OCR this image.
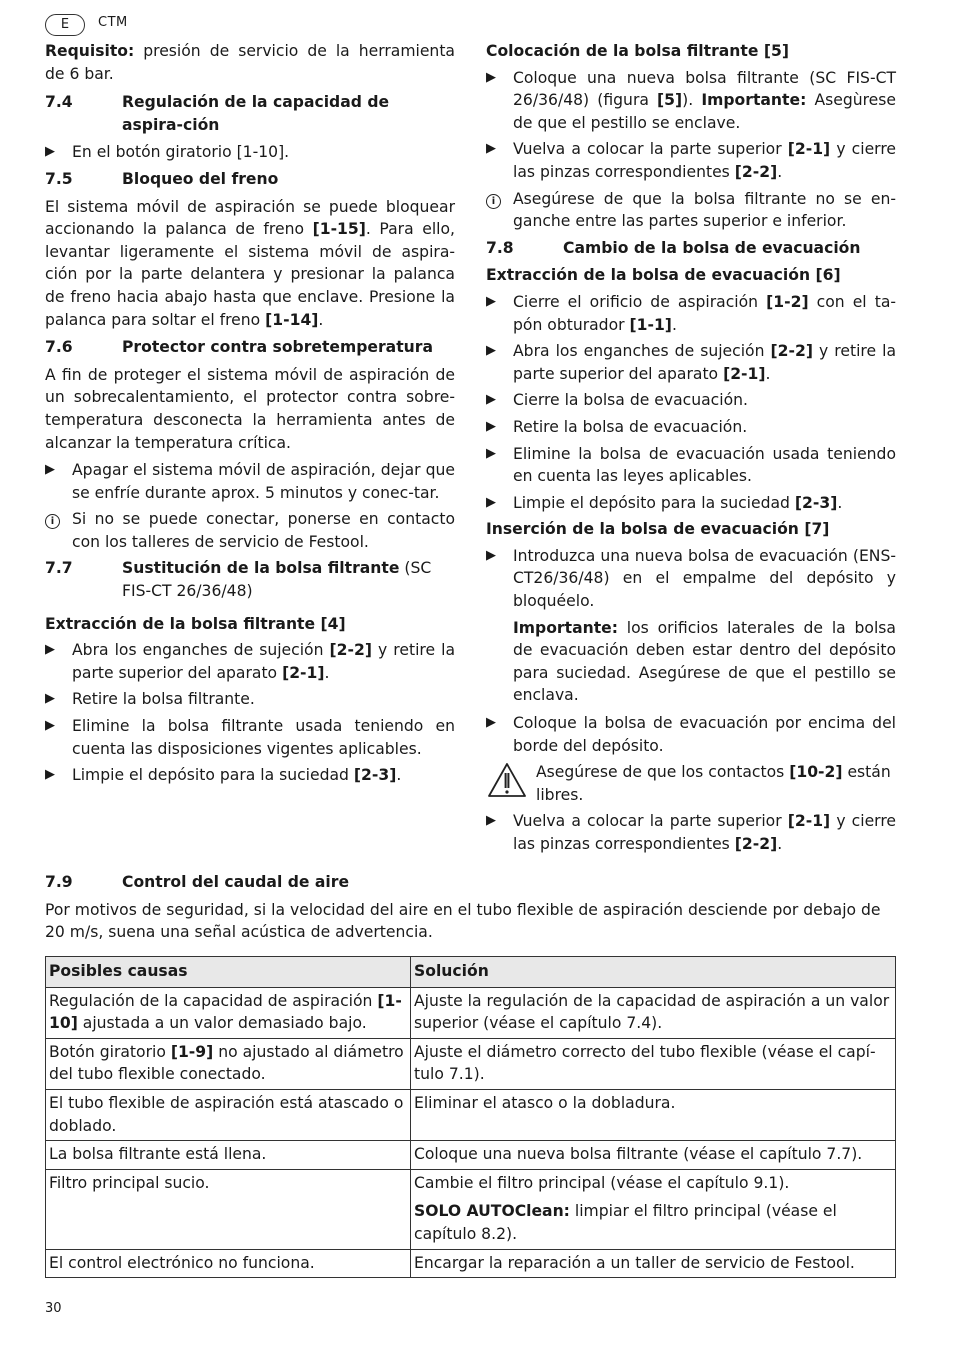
E	CTM

Requisito: presión de servicio de la herramienta de 6 bar.

7.4	Regulación de la capacidad de aspira-ción
▶	En el botón giratorio [1-10].
7.5	Bloqueo del freno

El sistema móvil de aspiración se puede bloquear accionando la palanca de freno [1-15]. Para ello, levantar ligeramente el sistema móvil de aspira-ción por la parte delantera y presionar la palanca de freno hacia abajo hasta que enclave. Presione la palanca para soltar el freno [1-14].

7.6	Protector contra sobretemperatura

A fin de proteger el sistema móvil de aspiración de un sobrecalentamiento, el protector contra sobre-temperatura desconecta la herramienta antes de alcanzar la temperatura crítica.

▶	Apagar el sistema móvil de aspiración, dejar que se enfríe durante aprox. 5 minutos y conec-tar.
i	Si no se puede conectar, ponerse en contacto con los talleres de servicio de Festool.
7.7	Sustitución de la bolsa filtrante (SC FIS-CT 26/36/48)
Extracción de la bolsa filtrante [4]
▶	Abra los enganches de sujeción [2-2] y retire la parte superior del aparato [2-1].
▶	Retire la bolsa filtrante.
▶	Elimine la bolsa filtrante usada teniendo en cuenta las disposiciones vigentes aplicables.
▶	Limpie el depósito para la suciedad [2-3].
Colocación de la bolsa filtrante [5]
▶	Coloque una nueva bolsa filtrante (SC FIS-CT 26/36/48) (figura [5]). Importante: Asegùrese de que el pestillo se enclave.
▶	Vuelva a colocar la parte superior [2-1] y cierre las pinzas correspondientes [2-2].
i	Asegúrese de que la bolsa filtrante no se en-ganche entre las partes superior e inferior.
7.8	Cambio de la bolsa de evacuación
Extracción de la bolsa de evacuación [6]
▶	Cierre el orificio de aspiración [1-2] con el ta-pón obturador [1-1].
▶	Abra los enganches de sujeción [2-2] y retire la parte superior del aparato [2-1].
▶	Cierre la bolsa de evacuación.
▶	Retire la bolsa de evacuación.
▶	Elimine la bolsa de evacuación usada teniendo en cuenta las leyes aplicables.
▶	Limpie el depósito para la suciedad [2-3].
Inserción de la bolsa de evacuación [7]
▶	Introduzca una nueva bolsa de evacuación (ENS-CT26/36/48) en el empalme del depósito y bloquéelo.

Importante: los orificios laterales de la bolsa de evacuación deben estar dentro del depósito para suciedad. Asegúrese de que el pestillo se enclava.

▶	Coloque la bolsa de evacuación por encima del borde del depósito.
Asegúrese de que los contactos [10-2] están libres.
▶	Vuelva a colocar la parte superior [2-1] y cierre las pinzas correspondientes [2-2].
7.9	Control del caudal de aire

Por motivos de seguridad, si la velocidad del aire en el tubo flexible de aspiración desciende por debajo de 20 m/s, suena una señal acústica de advertencia.

Posibles causas	Solución
Regulación de la capacidad de aspiración [1-10] ajustada a un valor demasiado bajo.	Ajuste la regulación de la capacidad de aspiración a un valor superior (véase el capítulo 7.4).
Botón giratorio [1-9] no ajustado al diámetro del tubo flexible conectado.	Ajuste el diámetro correcto del tubo flexible (véase el capí-tulo 7.1).
El tubo flexible de aspiración está atascado o doblado.	Eliminar el atasco o la dobladura.
La bolsa filtrante está llena.	Coloque una nueva bolsa filtrante (véase el capítulo 7.7).
Filtro principal sucio.	Cambie el filtro principal (véase el capítulo 9.1).
SOLO AUTOClean: limpiar el filtro principal (véase el capítulo 8.2).

El control electrónico no funciona.	Encargar la reparación a un taller de servicio de Festool.
30
